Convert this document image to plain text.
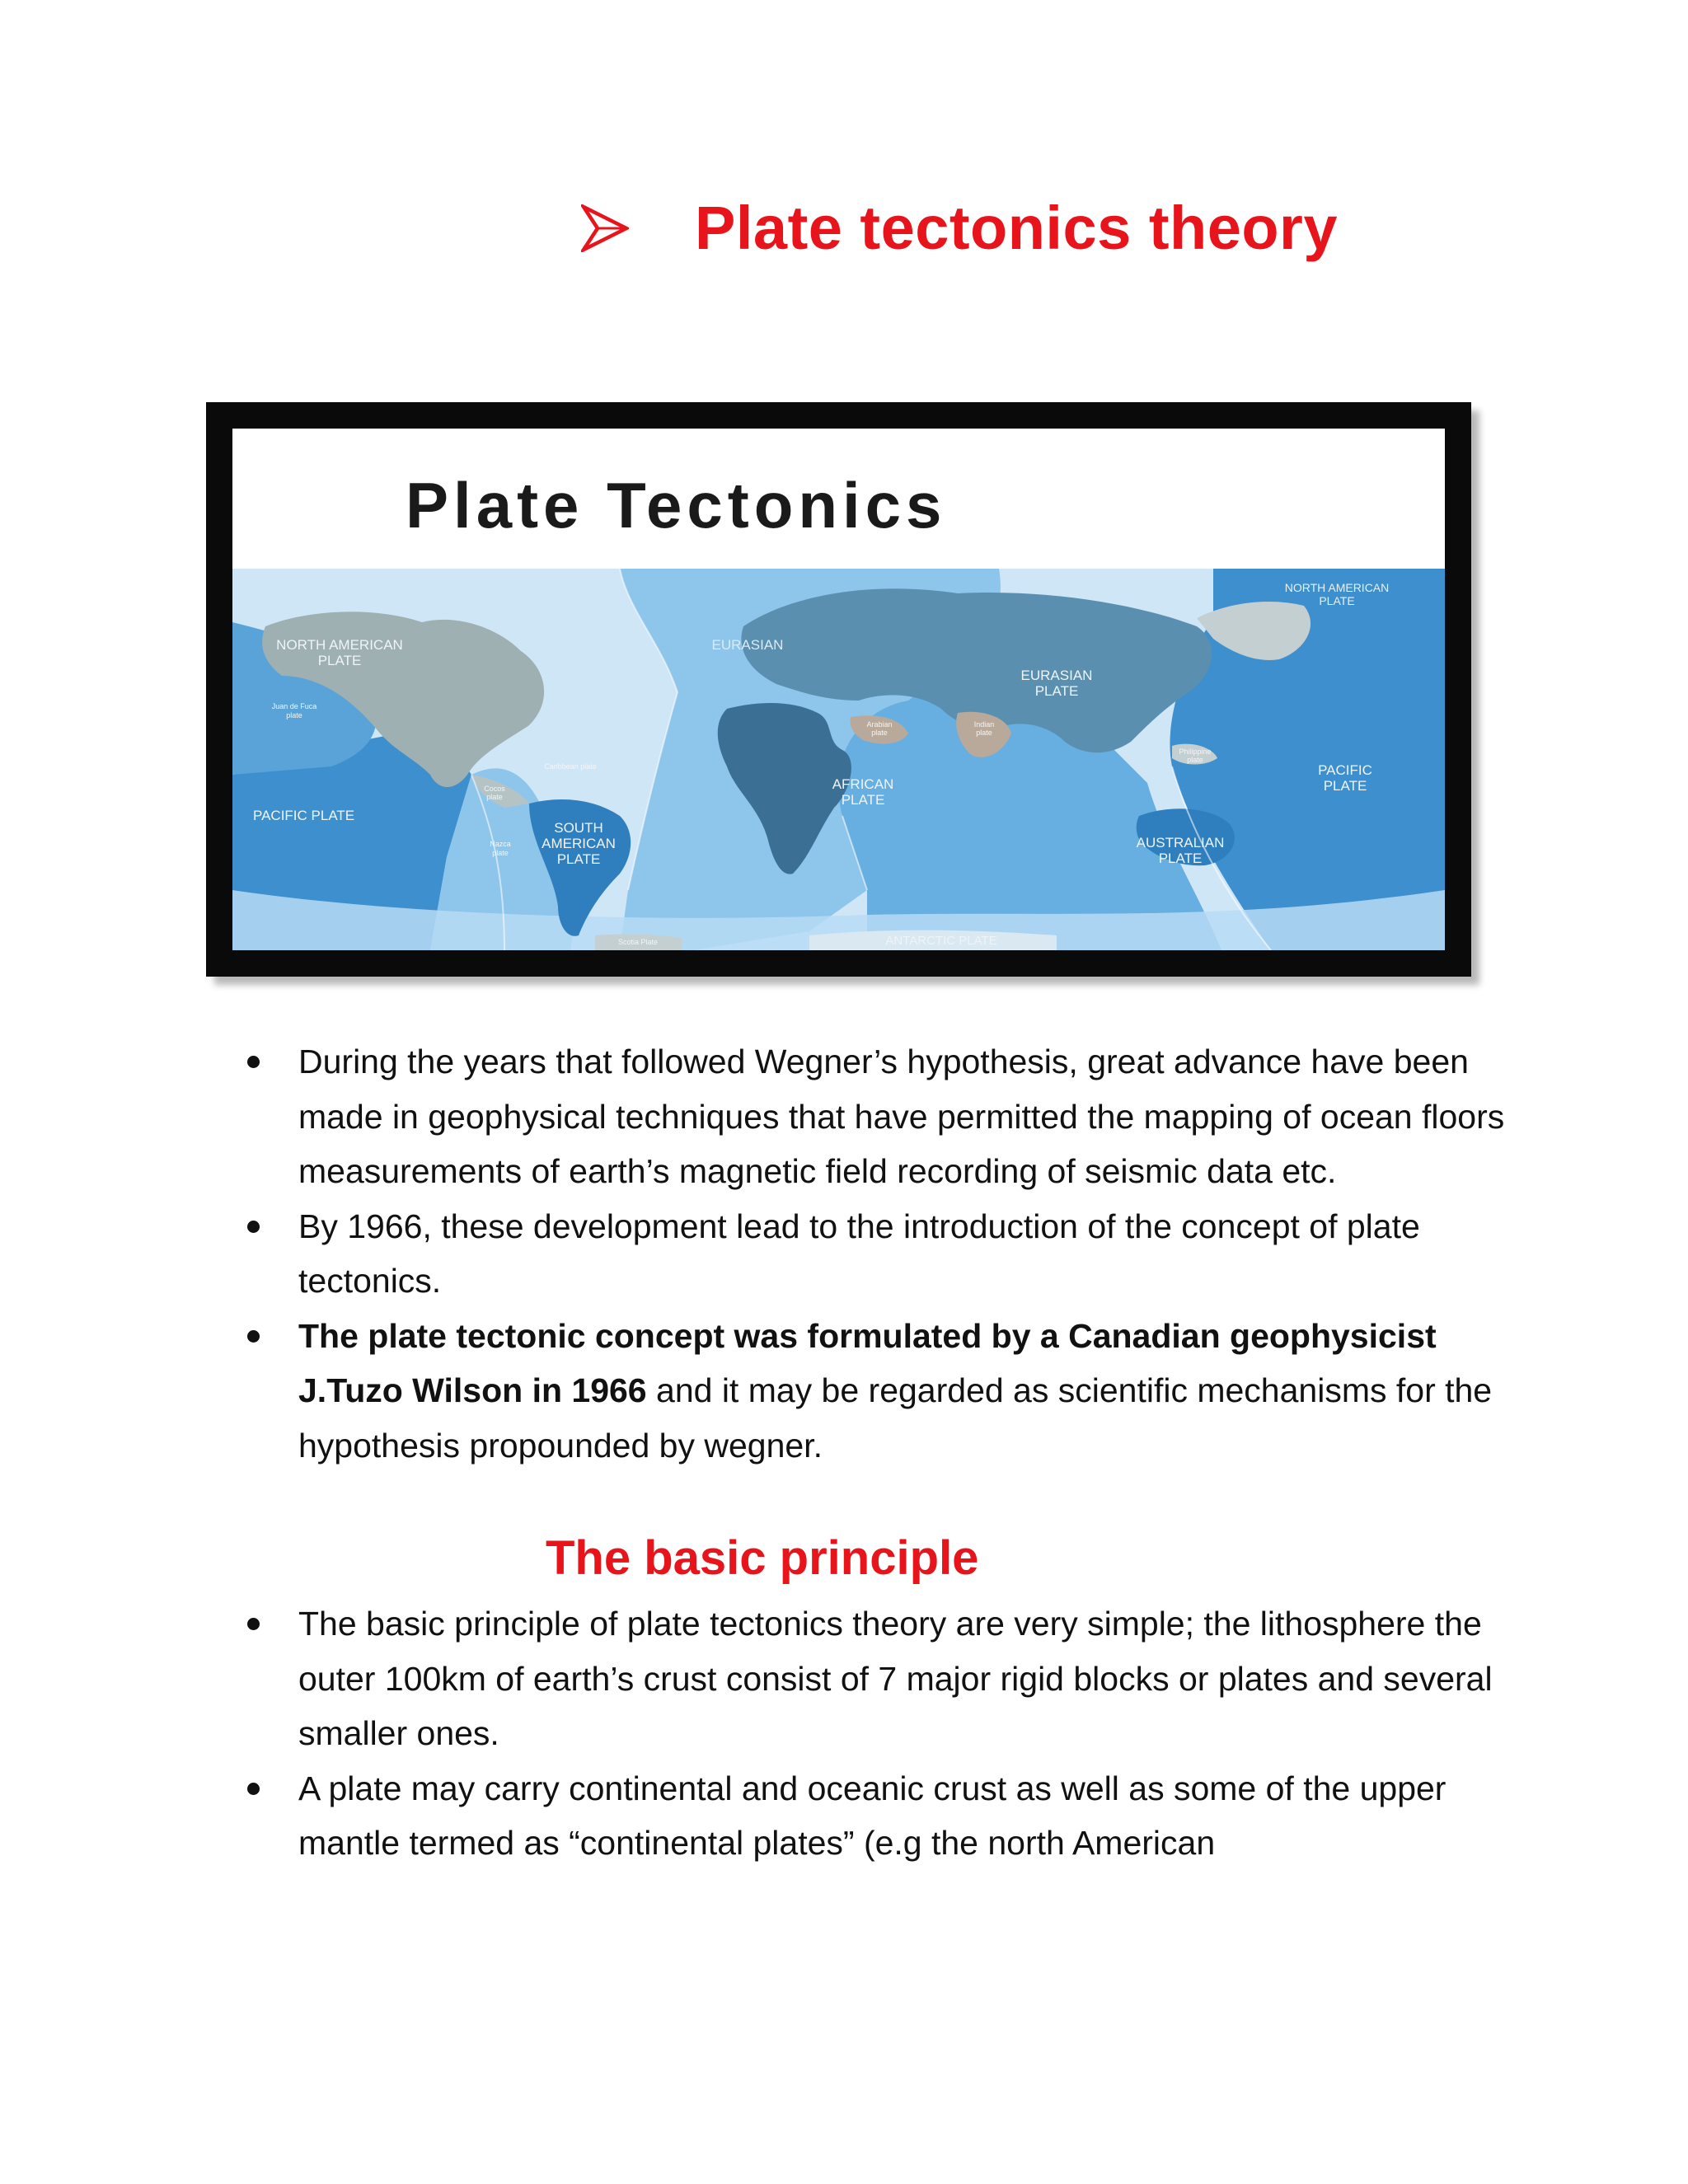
Plate tectonics theory
Plate Tectonics
NORTH AMERICAN
PLATE
EURASIAN
EURASIAN
PLATE
AFRICAN
PLATE
SOUTH
AMERICAN
PLATE
PACIFIC
PLATE
AUSTRALIAN
PLATE
NORTH AMERICAN
PLATE
ANTARCTIC PLATE
PACIFIC PLATE
Juan de Fuca
plate
Cocos
plate
Caribbean plate
Nazca
plate
Scotia Plate
Arabian
plate
Indian
plate
Philippine
plate
During the years that followed Wegner’s hypothesis, great advance have been made in geophysical techniques that have permitted the mapping of ocean floors measurements of earth’s magnetic field recording of seismic data etc.
By 1966, these development lead to the introduction of the concept of plate tectonics.
The plate tectonic concept was formulated by a Canadian geophysicist J.Tuzo Wilson in 1966 and it may be regarded as scientific mechanisms for the hypothesis propounded by wegner.
The basic principle
The basic principle of plate tectonics theory are very simple; the lithosphere the outer 100km of earth’s crust consist of 7 major rigid blocks or plates and several smaller ones.
A plate may carry continental and oceanic crust as well as some of the upper mantle termed as “continental plates” (e.g the north American
